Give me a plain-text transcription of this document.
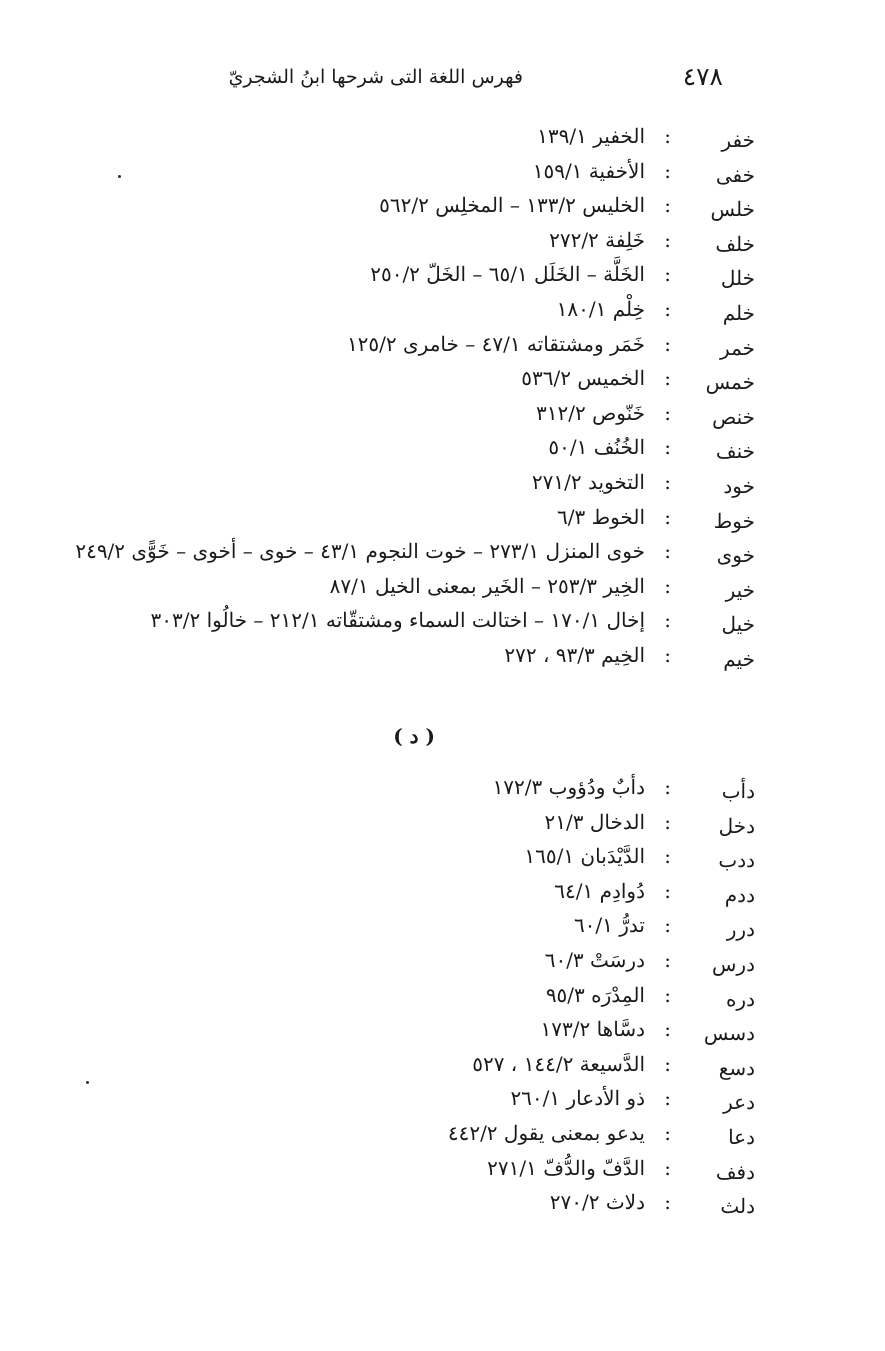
٤٧٨
فهرس اللغة التى شرحها ابنُ الشجريّ
خفر
:
الخفير ١٣٩/١
خفى
:
الأخفية ١٥٩/١
خلس
:
الخليس ١٣٣/٢ – المخلِس ٥٦٢/٢
خلف
:
خَلِفة ٢٧٢/٢
خلل
:
الخَلَّة – الخَلَل ٦٥/١ – الخَلّ ٢٥٠/٢
خلم
:
خِلْم ١٨٠/١
خمر
:
خَمَر ومشتقاته ٤٧/١ – خامرى ١٢٥/٢
خمس
:
الخميس ٥٣٦/٢
خنص
:
خَنّوص ٣١٢/٢
خنف
:
الخُنُف ٥٠/١
خود
:
التخويد ٢٧١/٢
خوط
:
الخوط ٦/٣
خوى
:
خوى المنزل ٢٧٣/١ – خوت النجوم ٤٣/١ – خوى – أخوى – خَوًّى ٢٤٩/٢
خير
:
الخِير ٢٥٣/٣ – الخَير بمعنى الخيل ٨٧/١
خيل
:
إخال ١٧٠/١ – اختالت السماء ومشتقّاته ٢١٢/١ – خالُوا ٣٠٣/٢
خيم
:
الخِيم ٩٣/٣ ، ٢٧٢
( د )
دأب
:
دأبٌ ودُؤوب ١٧٢/٣
دخل
:
الدخال ٢١/٣
ددب
:
الدَّيْدَبان ١٦٥/١
ددم
:
دُوادِم ٦٤/١
درر
:
تدرُّ ٦٠/١
درس
:
درسَتْ ٦٠/٣
دره
:
المِدْرَه ٩٥/٣
دسس
:
دسَّاها ١٧٣/٢
دسع
:
الدَّسيعة ١٤٤/٢ ، ٥٢٧
دعر
:
ذو الأدعار ٢٦٠/١
دعا
:
يدعو بمعنى يقول ٤٤٢/٢
دفف
:
الدَّفّ والدُّفّ ٢٧١/١
دلث
:
دلاث ٢٧٠/٢
